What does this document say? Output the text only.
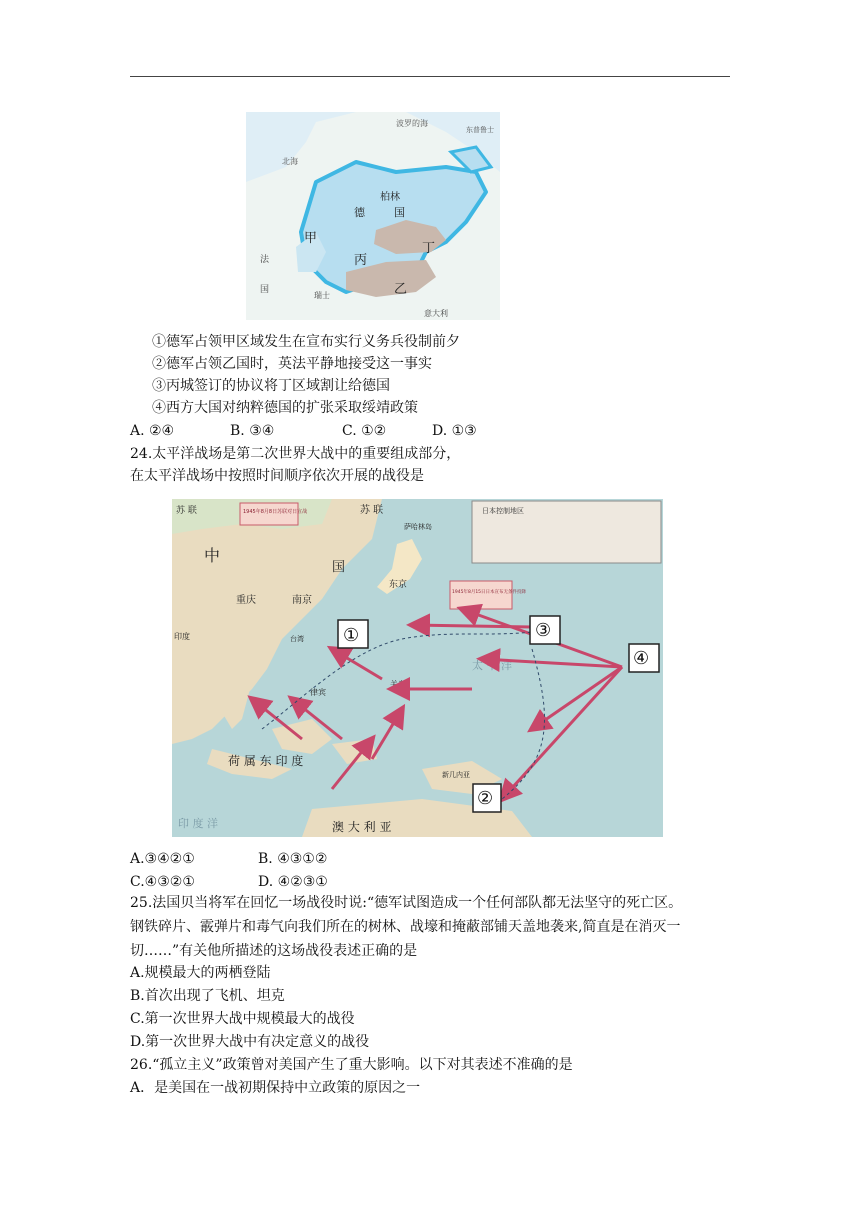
北海
波罗的海
东普鲁士
柏林
德	国
甲
丙
丁
乙
法
国
瑞士
意大利
①德军占领甲区域发生在宣布实行义务兵役制前夕
②德军占领乙国时，英法平静地接受这一事实
③丙城签订的协议将丁区域割让给德国
④西方大国对纳粹德国的扩张采取绥靖政策
A. ②④	B. ③④	C. ①②	D. ①③
24.太平洋战场是第二次世界大战中的重要组成部分，
在太平洋战场中按照时间顺序依次开展的战役是
日本控制地区
1945年8月8日苏联对日宣战
1945年8月15日日本宣布无条件投降
苏 联	苏 联
中
国
萨哈林岛
印度
重庆	南京
东京
台湾
关岛
律宾
荷 属 东 印 度
澳 大 利 亚
印 度 洋
太 平 洋
新几内亚
①
②
③
④
A.③④②①	B. ④③①②
C.④③②①	D. ④②③①
25.法国贝当将军在回忆一场战役时说:“德军试图造成一个任何部队都无法坚守的死亡区。
钢铁碎片、霰弹片和毒气向我们所在的树林、战壕和掩蔽部铺天盖地袭来,简直是在消灭一
切……”有关他所描述的这场战役表述正确的是
A.规模最大的两栖登陆
B.首次出现了飞机、坦克
C.第一次世界大战中规模最大的战役
D.第一次世界大战中有决定意义的战役
26.“孤立主义”政策曾对美国产生了重大影响。以下对其表述不准确的是
A．是美国在一战初期保持中立政策的原因之一
